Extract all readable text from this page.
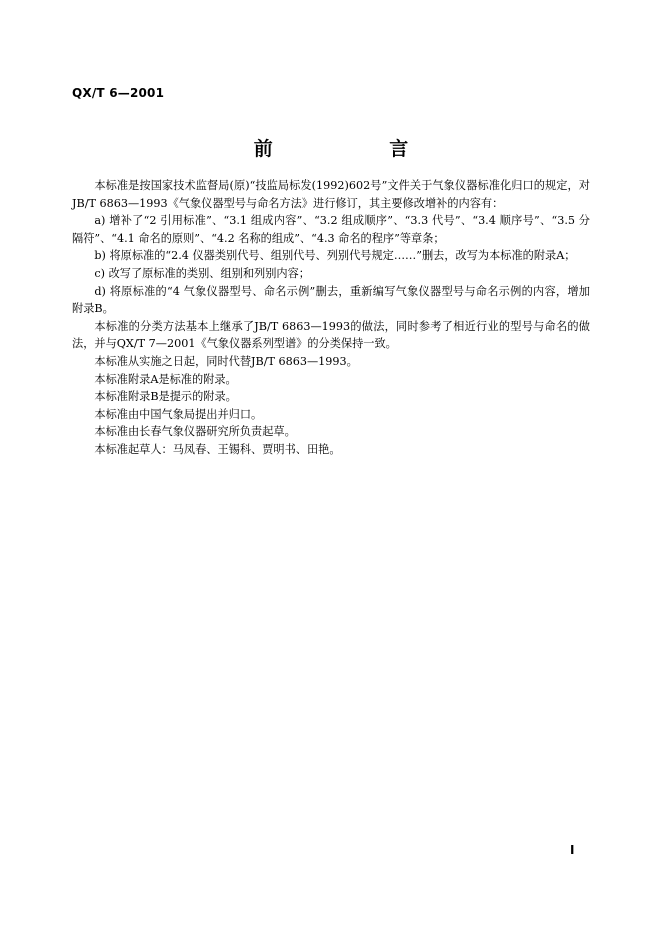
QX/T 6—2001
前 言

本标准是按国家技术监督局(原)“技监局标发(1992)602号”文件关于气象仪器标准化归口的规定，对JB/T 6863—1993《气象仪器型号与命名方法》进行修订，其主要修改增补的内容有：

a) 增补了“2 引用标准”、“3.1 组成内容”、“3.2 组成顺序”、“3.3 代号”、“3.4 顺序号”、“3.5 分隔符”、“4.1 命名的原则”、“4.2 名称的组成”、“4.3 命名的程序”等章条；

b) 将原标准的“2.4 仪器类别代号、组别代号、列别代号规定……”删去，改写为本标准的附录A；

c) 改写了原标准的类别、组别和列别内容；

d) 将原标准的“4 气象仪器型号、命名示例”删去，重新编写气象仪器型号与命名示例的内容，增加附录B。

本标准的分类方法基本上继承了JB/T 6863—1993的做法，同时参考了相近行业的型号与命名的做法，并与QX/T 7—2001《气象仪器系列型谱》的分类保持一致。

本标准从实施之日起，同时代替JB/T 6863—1993。

本标准附录A是标准的附录。

本标准附录B是提示的附录。

本标准由中国气象局提出并归口。

本标准由长春气象仪器研究所负责起草。

本标准起草人：马凤春、王锡科、贾明书、田艳。

I
